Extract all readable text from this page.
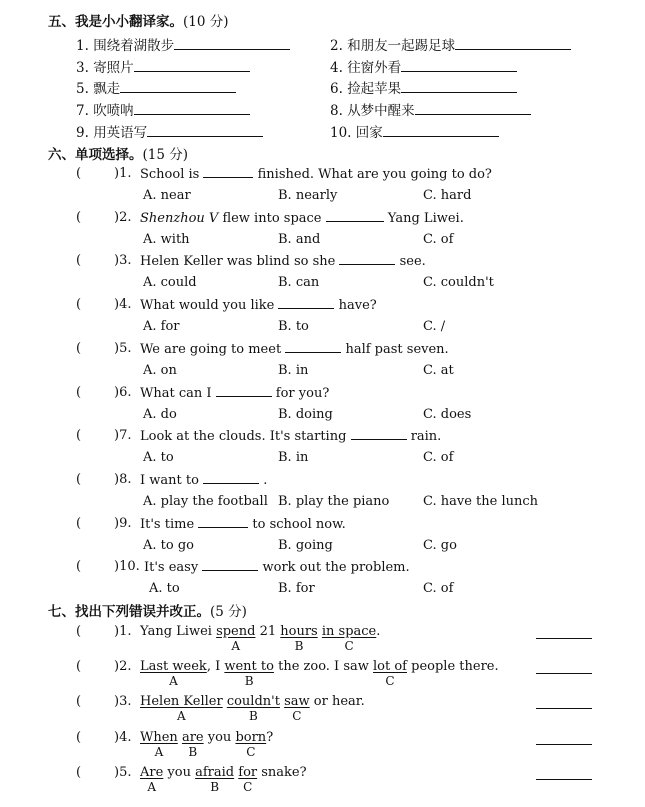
五、我是小小翻译家。(10 分)
1. 围绕着湖散步	2. 和朋友一起踢足球
3. 寄照片	4. 往窗外看
5. 飘走	6. 捡起苹果
7. 吹喷呐	8. 从梦中醒来
9. 用英语写	10. 回家
六、单项选择。(15 分)
(	)1. School is	finished. What are you going to do?
A. near	B. nearly	C. hard
(	)2. Shenzhou V flew into space	Yang Liwei.
A. with	B. and	C. of
(	)3. Helen Keller was blind so she	see.
A. could	B. can	C. couldn't
(	)4. What would you like	have?
A. for	B. to	C. /
(	)5. We are going to meet	half past seven.
A. on	B. in	C. at
(	)6. What can I	for you?
A. do	B. doing	C. does
(	)7. Look at the clouds. It's starting	rain.
A. to	B. in	C. of
(	)8. I want to	.
A. play the football B. play the piano	C. have the lunch
(	)9. It's time	to school now.
A. to go	B. going	C. go
(	)10. It's easy	work out the problem.
A. to	B. for	C. of
七、找出下列错误并改正。(5 分)
(	)1. Yang Liwei spend
A
21 hours
B
in space
C
.
(	)2. Last week
A
, I went to
B
the zoo. I saw lot of
C
people there.
(	)3. Helen Keller
A
couldn't
B
saw
C
or hear.
(	)4. When
A
are
B
you born
C
?
(	)5. Are
A
you afraid
B
for
C
snake?
